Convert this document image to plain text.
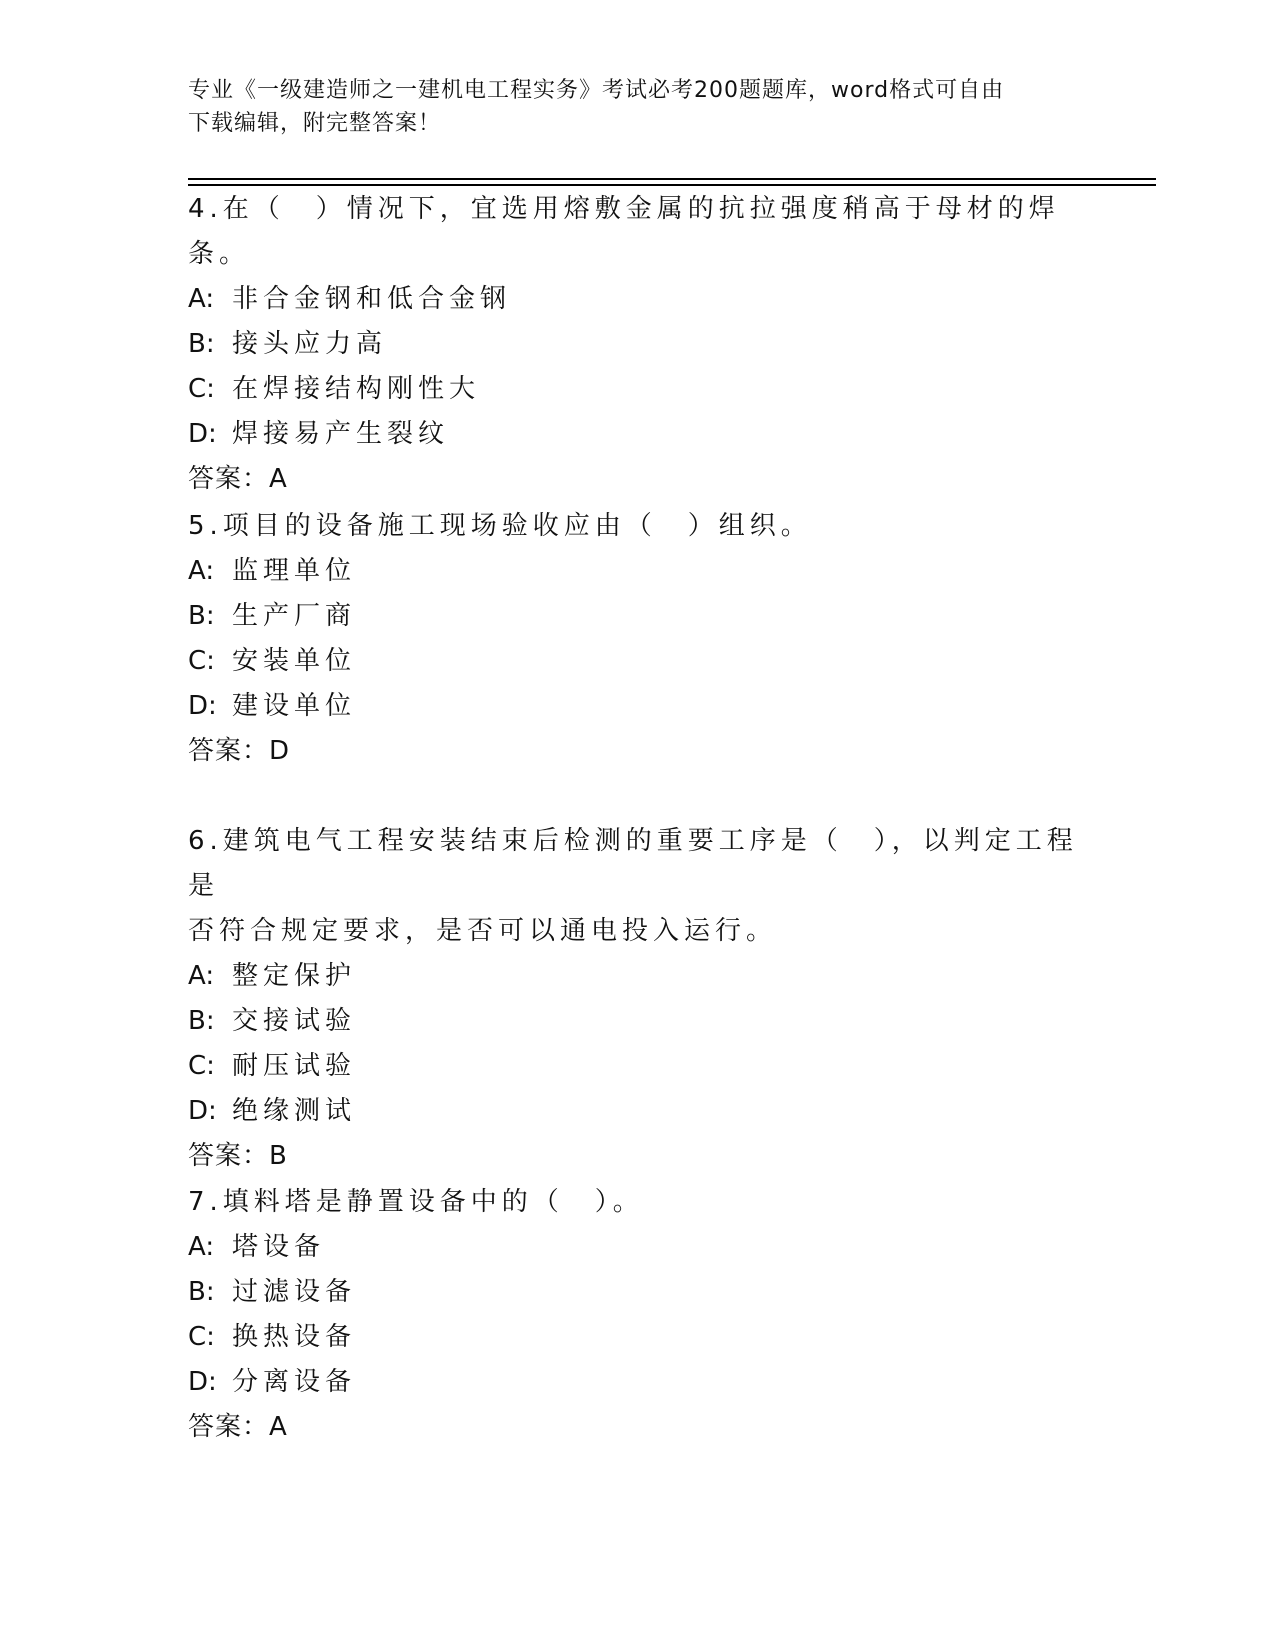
专业《一级建造师之一建机电工程实务》考试必考200题题库，word格式可自由
下载编辑，附完整答案！

4.在（　）情况下，宜选用熔敷金属的抗拉强度稍高于母材的焊条。

A: 非合金钢和低合金钢

B: 接头应力高

C: 在焊接结构刚性大

D: 焊接易产生裂纹

答案：A

5.项目的设备施工现场验收应由（　）组织。

A: 监理单位

B: 生产厂商

C: 安装单位

D: 建设单位

答案：D

6.建筑电气工程安装结束后检测的重要工序是（　），以判定工程是

否符合规定要求，是否可以通电投入运行。

A: 整定保护

B: 交接试验

C: 耐压试验

D: 绝缘测试

答案：B

7.填料塔是静置设备中的（　）。

A: 塔设备

B: 过滤设备

C: 换热设备

D: 分离设备

答案：A
